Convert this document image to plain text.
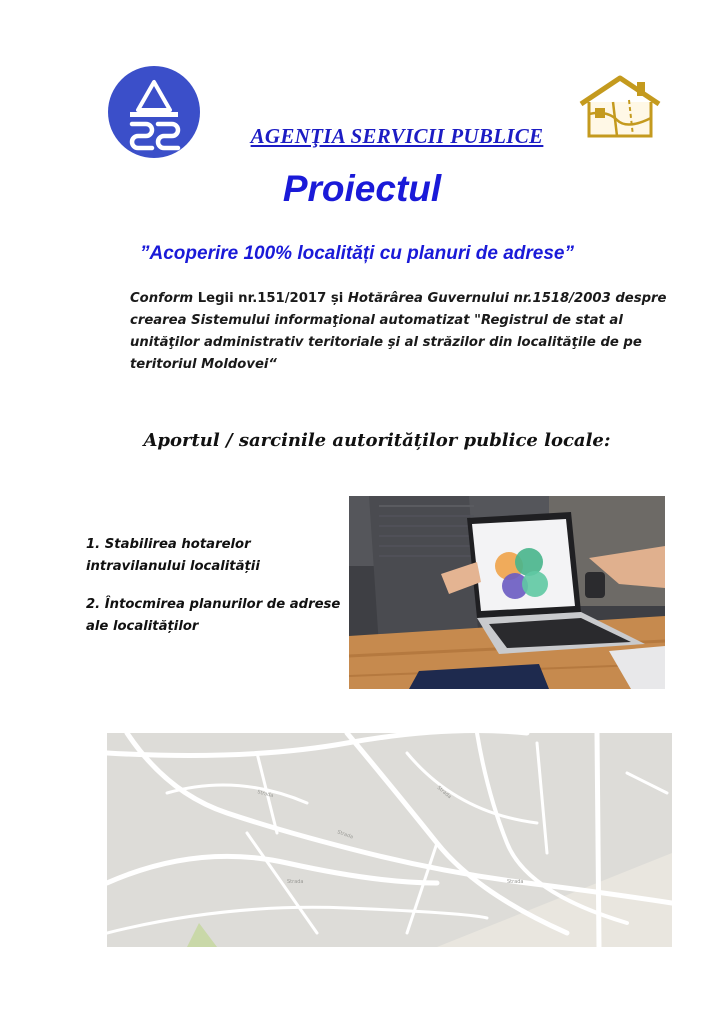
AGENŢIA SERVICII PUBLICE
Proiectul
”Acoperire 100% localități cu planuri de adrese”
Conform Legii nr.151/2017 și Hotărârea Guvernului nr.1518/2003 despre crearea Sistemului informaţional automatizat "Registrul de stat al unităţilor administrativ teritoriale şi al străzilor din localităţile de pe teritoriul Moldovei“
Aportul / sarcinile autorităților publice locale:
1. Stabilirea hotarelor intravilanului localității
2. Întocmirea planurilor de adrese ale localităților
Strada
Strada
Strada
Strada	Strada
